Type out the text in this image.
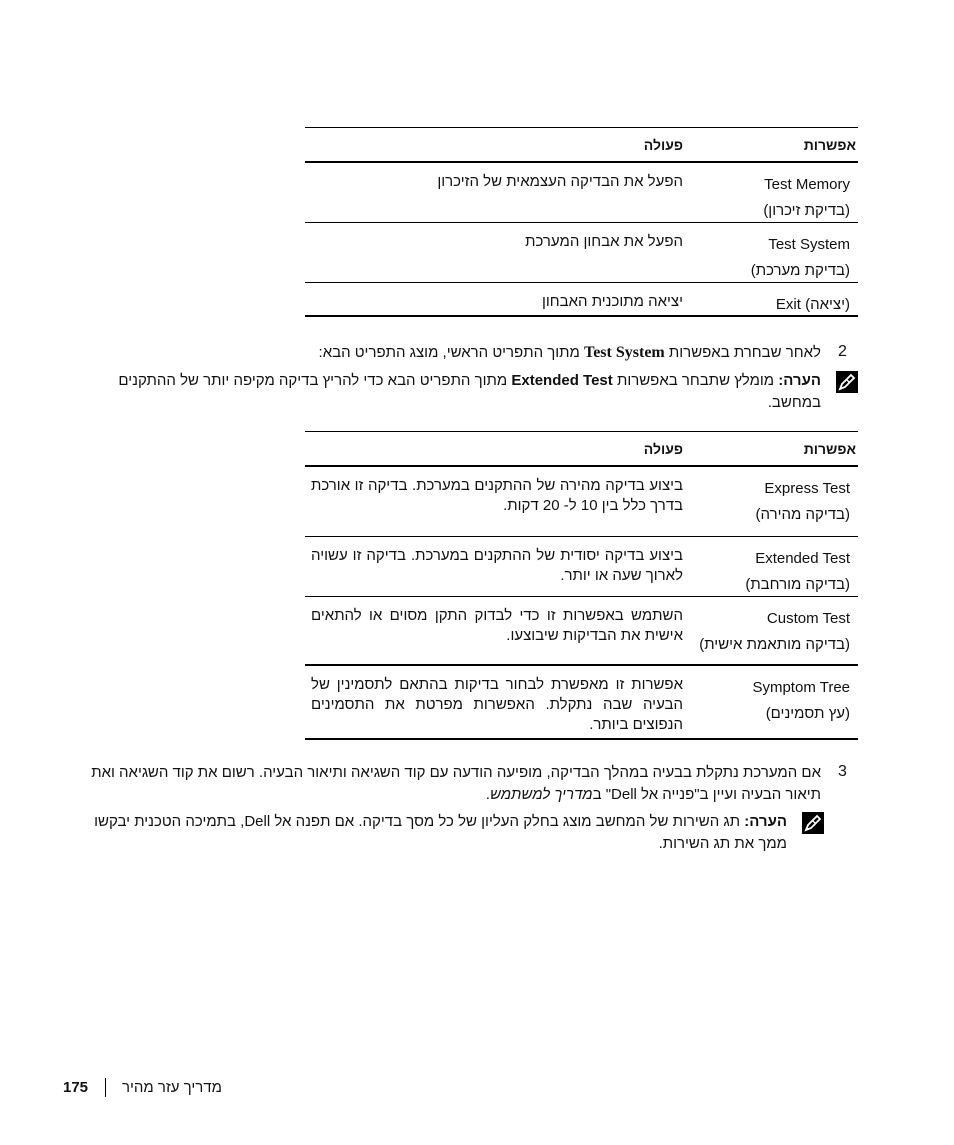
אפשרות
פעולה
Test Memory
(בדיקת זיכרון)
הפעל את הבדיקה העצמאית של הזיכרון
Test System
(בדיקת מערכת)
הפעל את אבחון המערכת
Exit (יציאה)
יציאה מתוכנית האבחון
2
לאחר שבחרת באפשרות Test System מתוך התפריט הראשי, מוצג התפריט הבא:
הערה: מומלץ שתבחר באפשרות Extended Test מתוך התפריט הבא כדי להריץ בדיקה מקיפה יותר של ההתקנים במחשב.
אפשרות
פעולה
Express Test
(בדיקה מהירה)
ביצוע בדיקה מהירה של ההתקנים במערכת. בדיקה זו אורכת בדרך כלל בין 10 ל- 20 דקות.
Extended Test
(בדיקה מורחבת)
ביצוע בדיקה יסודית של ההתקנים במערכת. בדיקה זו עשויה לארוך שעה או יותר.
Custom Test
(בדיקה מותאמת אישית)
השתמש באפשרות זו כדי לבדוק התקן מסוים או להתאים אישית את הבדיקות שיבוצעו.
Symptom Tree
(עץ תסמינים)
אפשרות זו מאפשרת לבחור בדיקות בהתאם לתסמינין של הבעיה שבה נתקלת. האפשרות מפרטת את התסמינים הנפוצים ביותר.
3
אם המערכת נתקלת בבעיה במהלך הבדיקה, מופיעה הודעה עם קוד השגיאה ותיאור הבעיה. רשום את קוד השגיאה ואת תיאור הבעיה ועיין ב"פנייה אל Dell" במדריך למשתמש.
הערה: תג השירות של המחשב מוצג בחלק העליון של כל מסך בדיקה. אם תפנה אל Dell, בתמיכה הטכנית יבקשו ממך את תג השירות.
175 מדריך עזר מהיר
